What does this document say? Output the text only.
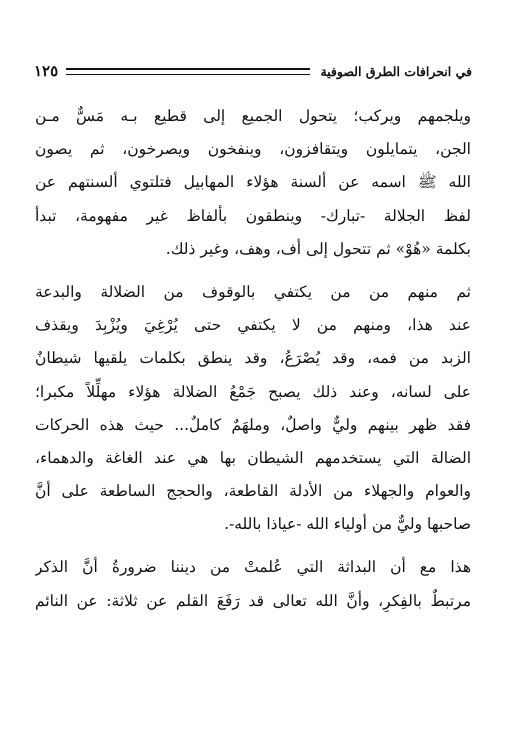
في انحرافات الطرق الصوفية
١٢٥
ويلجمهم ويركب؛ يتحول الجميع إلى قطيع بـه مَسٌّ مـن
الجن، يتمايلون ويتقافزون، وينفخون ويصرخون، ثم يصون
الله ﷺ اسمه عن ألسنة هؤلاء المهابيل فتلتوي ألسنتهم عن
لفظ الجلالة -تبارك- وينطقون بألفاظ غير مفهومة، تبدأ
بكلمة «هُوْ» ثم تتحول إلى أف، وهف، وغير ذلك.
ثم منهم من من يكتفي بالوقوف من الضلالة والبدعة
عند هذا، ومنهم من لا يكتفي حتى يُرْغِيَ ويُزْبِدَ ويقذف
الزبد من فمه، وقد يُصْرَعُ، وقد ينطق بكلمات يلقيها شيطانٌ
على لسانه، وعند ذلك يصبح جَمْعُ الضلالة هؤلاء مهلِّلاً مكبرا؛
فقد ظهر بينهم وليٌّ واصلٌ، وملهَمٌ كاملٌ... حيث هذه الحركات
الضالة التي يستخدمهم الشيطان بها هي عند الغاغة والدهماء،
والعوام والجهلاء من الأدلة القاطعة، والحجج الساطعة على أنَّ
صاحبها وليٌّ من أولياء الله -عياذا بالله-.
هذا مع أن البداثة التي عُلمتْ من ديننا ضرورةُ أنَّ الذكر
مرتبطٌ بالفِكرِ، وأنَّ الله تعالى قد رَفَعَ القلم عن ثلاثة: عن النائم
